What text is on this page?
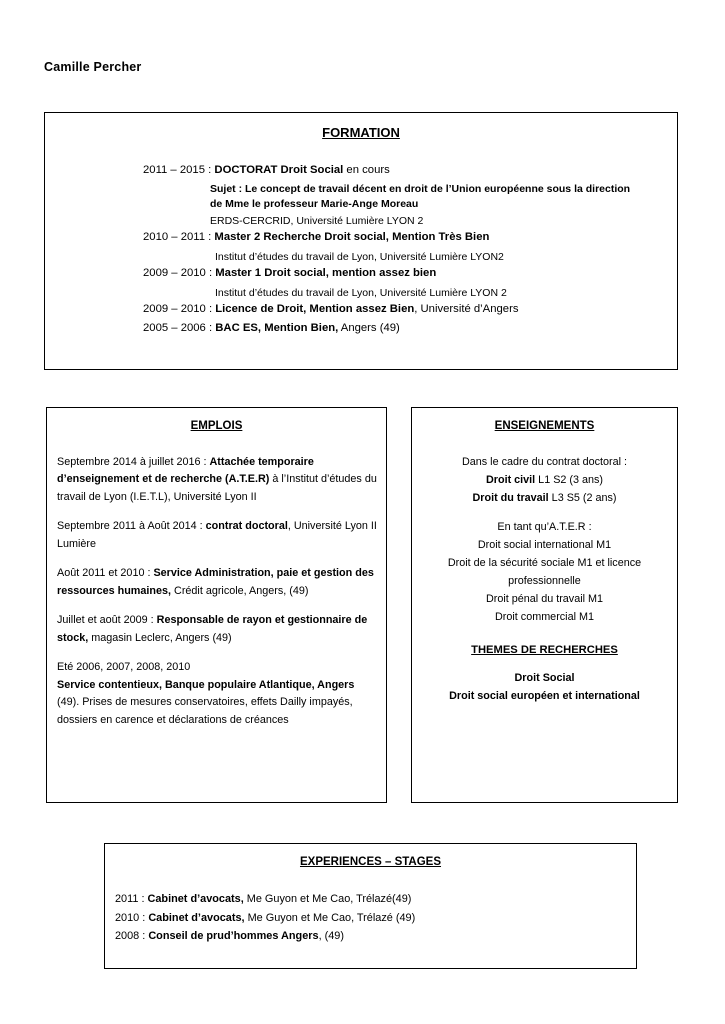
Camille Percher
FORMATION
2011 – 2015 : DOCTORAT Droit Social en cours
Sujet : Le concept de travail décent en droit de l’Union européenne sous la direction
de Mme le professeur Marie-Ange Moreau
ERDS-CERCRID, Université Lumière LYON 2
2010 – 2011 : Master 2 Recherche Droit social, Mention Très Bien
Institut d’études du travail de Lyon, Université Lumière LYON2
2009 – 2010 : Master 1 Droit social, mention assez bien
Institut d’études du travail de Lyon, Université Lumière LYON 2
2009 – 2010 : Licence de Droit, Mention assez Bien, Université d’Angers
2005 – 2006 : BAC ES, Mention Bien, Angers (49)
EMPLOIS

Septembre 2014 à juillet 2016 : Attachée temporaire d’enseignement et de recherche (A.T.E.R) à l’Institut d’études du travail de Lyon (I.E.T.L), Université Lyon II

Septembre 2011 à Août 2014 : contrat doctoral, Université Lyon II Lumière

Août 2011 et 2010 : Service Administration, paie et gestion des ressources humaines, Crédit agricole, Angers, (49)

Juillet et août 2009 : Responsable de rayon et gestionnaire de stock, magasin Leclerc, Angers (49)

Eté 2006, 2007, 2008, 2010

Service contentieux, Banque populaire Atlantique, Angers (49). Prises de mesures conservatoires, effets Dailly impayés, dossiers en carence et déclarations de créances

ENSEIGNEMENTS
Dans le cadre du contrat doctoral :
Droit civil L1 S2 (3 ans)
Droit du travail L3 S5 (2 ans)
En tant qu’A.T.E.R :
Droit social international M1
Droit de la sécurité sociale M1 et licence professionnelle
Droit pénal du travail M1
Droit commercial M1
THEMES DE RECHERCHES
Droit Social
Droit social européen et international
EXPERIENCES – STAGES
2011 : Cabinet d’avocats, Me Guyon et Me Cao, Trélazé(49)
2010 : Cabinet d’avocats, Me Guyon et Me Cao, Trélazé (49)
2008 : Conseil de prud’hommes Angers, (49)
